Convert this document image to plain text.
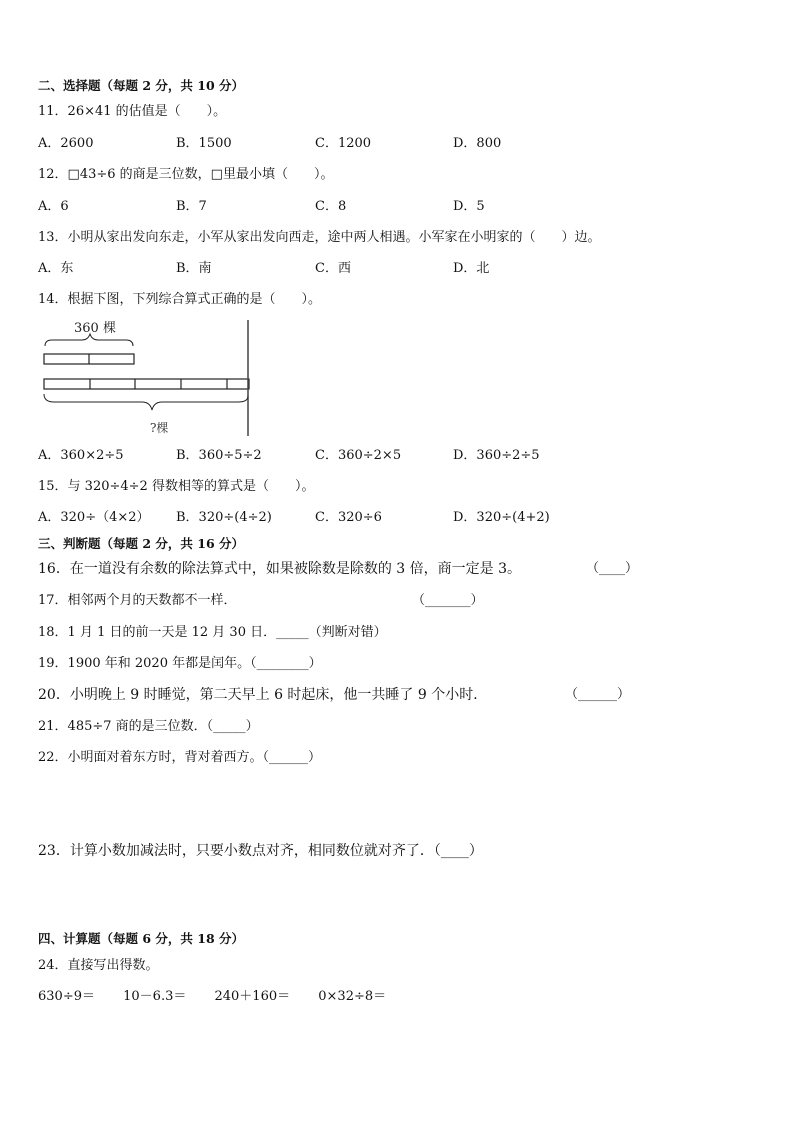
二、选择题（每题 2 分，共 10 分）
11．26×41 的估值是（　　）。
A．2600	B．1500	C．1200	D．800
12．□43÷6 的商是三位数，□里最小填（　　）。
A．6	B．7	C．8	D．5
13．小明从家出发向东走，小军从家出发向西走，途中两人相遇。小军家在小明家的（　　）边。
A．东	B．南	C．西	D．北
14．根据下图，下列综合算式正确的是（　　）。
360 棵
?棵
A．360×2÷5	B．360÷5÷2	C．360÷2×5	D．360÷2÷5
15．与 320÷4÷2 得数相等的算式是（　　）。
A．320÷（4×2） B．320÷(4÷2)	C．320÷6	D．320÷(4+2)
三、判断题（每题 2 分，共 16 分）
16．在一道没有余数的除法算式中，如果被除数是除数的 3 倍，商一定是 3。	（____）
17．相邻两个月的天数都不一样．	（_______）
18．1 月 1 日的前一天是 12 月 30 日．_____（判断对错）
19．1900 年和 2020 年都是闰年。（________）
20．小明晚上 9 时睡觉，第二天早上 6 时起床，他一共睡了 9 个小时．	（______）
21．485÷7 商的是三位数．（_____）
22．小明面对着东方时，背对着西方。（______）
23．计算小数加减法时，只要小数点对齐，相同数位就对齐了．（____）
四、计算题（每题 6 分，共 18 分）
24．直接写出得数。
630÷9＝ 10－6.3＝ 240＋160＝ 0×32÷8＝
